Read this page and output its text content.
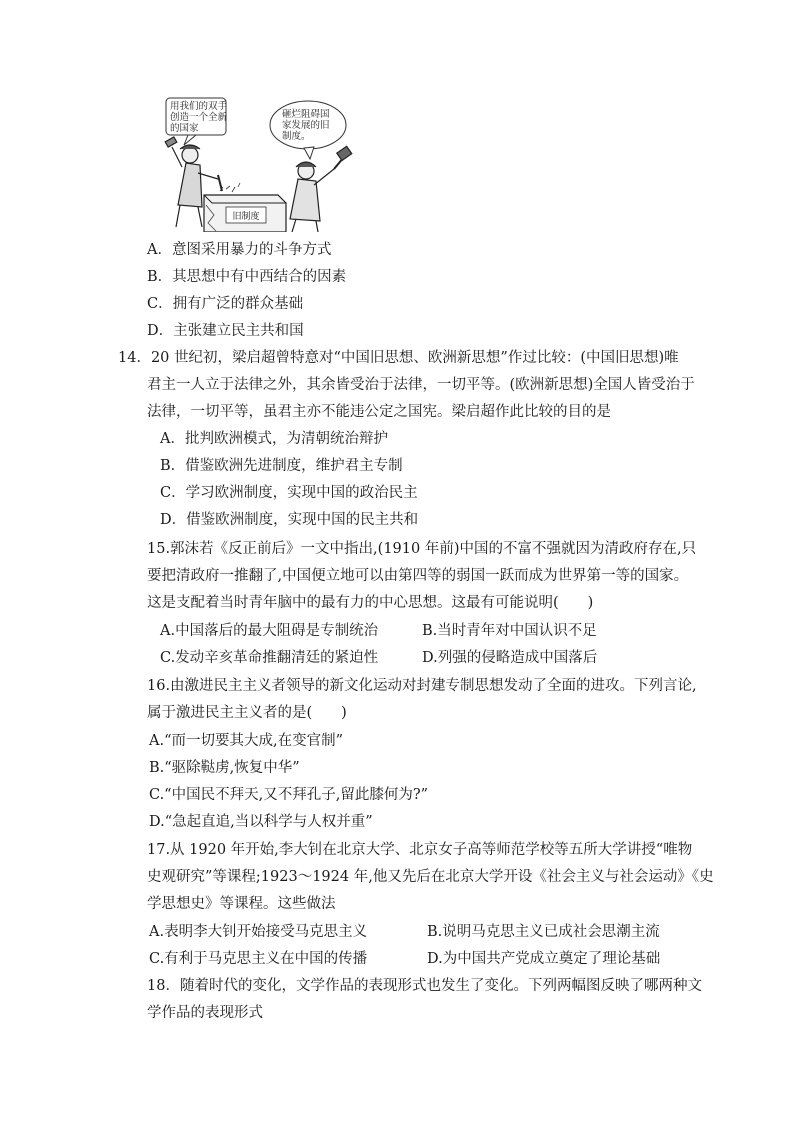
用我们的双手
创造一个全新
的国家
砸烂阻碍国
家发展的旧
制度。
旧制度
A．意图采用暴力的斗争方式
B．其思想中有中西结合的因素
C．拥有广泛的群众基础
D．主张建立民主共和国
14．20 世纪初，梁启超曾特意对“中国旧思想、欧洲新思想”作过比较：(中国旧思想)唯
君主一人立于法律之外，其余皆受治于法律，一切平等。(欧洲新思想)全国人皆受治于
法律，一切平等，虽君主亦不能违公定之国宪。梁启超作此比较的目的是
A．批判欧洲模式，为清朝统治辩护
B．借鉴欧洲先进制度，维护君主专制
C．学习欧洲制度，实现中国的政治民主
D．借鉴欧洲制度，实现中国的民主共和
15.郭沫若《反正前后》一文中指出,(1910 年前)中国的不富不强就因为清政府存在,只
要把清政府一推翻了,中国便立地可以由第四等的弱国一跃而成为世界第一等的国家。
这是支配着当时青年脑中的最有力的中心思想。这最有可能说明(　　)
A.中国落后的最大阻碍是专制统治	B.当时青年对中国认识不足
C.发动辛亥革命推翻清廷的紧迫性	D.列强的侵略造成中国落后
16.由激进民主主义者领导的新文化运动对封建专制思想发动了全面的进攻。下列言论,
属于激进民主主义者的是(　　)
A.“而一切要其大成,在变官制”
B.“驱除鞑虏,恢复中华”
C.“中国民不拜天,又不拜孔子,留此膝何为?”
D.“急起直追,当以科学与人权并重”
17.从 1920 年开始,李大钊在北京大学、北京女子高等师范学校等五所大学讲授“唯物
史观研究”等课程;1923～1924 年,他又先后在北京大学开设《社会主义与社会运动》《史
学思想史》等课程。这些做法
A.表明李大钊开始接受马克思主义	B.说明马克思主义已成社会思潮主流
C.有利于马克思主义在中国的传播	D.为中国共产党成立奠定了理论基础
18．随着时代的变化，文学作品的表现形式也发生了变化。下列两幅图反映了哪两种文
学作品的表现形式
